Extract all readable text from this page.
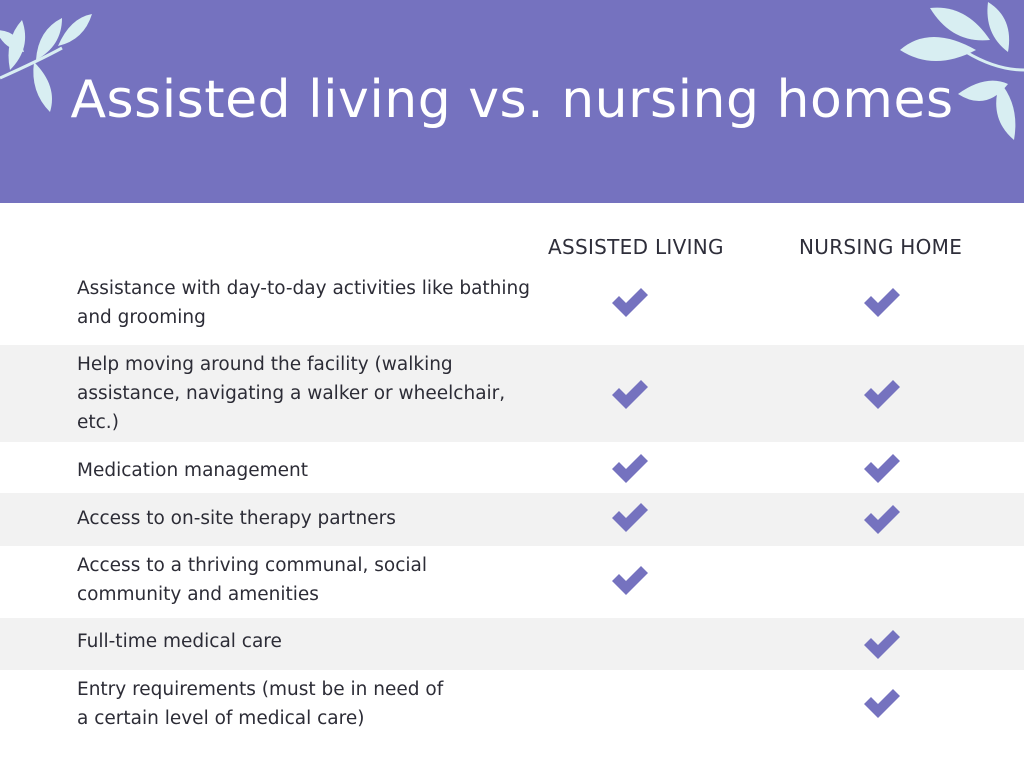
Assisted living vs. nursing homes
ASSISTED LIVING	NURSING HOME
Assistance with day-to-day activities like bathing and grooming
Help moving around the facility (walking assistance, navigating a walker or wheelchair, etc.)
Medication management
Access to on-site therapy partners
Access to a thriving communal, social community and amenities
Full-time medical care
Entry requirements (must be in need of a certain level of medical care)
